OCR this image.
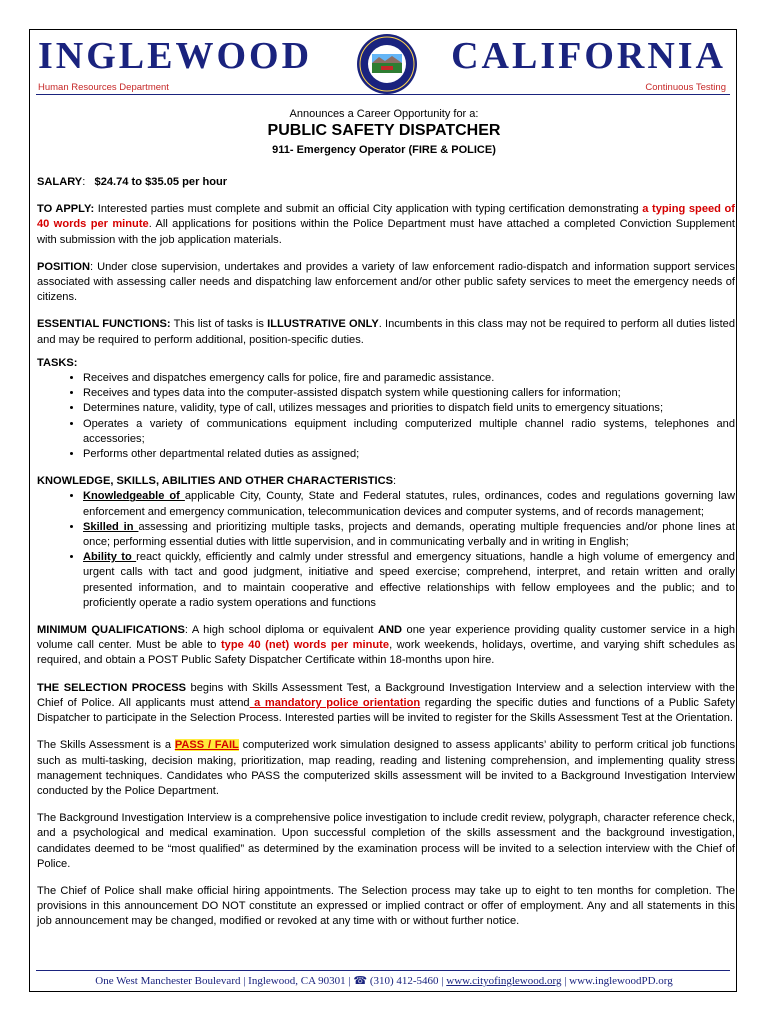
INGLEWOOD	CALIFORNIA
Human Resources Department	Continuous Testing
Announces a Career Opportunity for a:
PUBLIC SAFETY DISPATCHER
911- Emergency Operator (FIRE & POLICE)

SALARY: $24.74 to $35.05 per hour

TO APPLY: Interested parties must complete and submit an official City application with typing certification demonstrating a typing speed of 40 words per minute. All applications for positions within the Police Department must have attached a completed Conviction Supplement with submission with the job application materials.

POSITION: Under close supervision, undertakes and provides a variety of law enforcement radio-dispatch and information support services associated with assessing caller needs and dispatching law enforcement and/or other public safety services to meet the emergency needs of citizens.

ESSENTIAL FUNCTIONS: This list of tasks is ILLUSTRATIVE ONLY. Incumbents in this class may not be required to perform all duties listed and may be required to perform additional, position-specific duties.

TASKS:

• Receives and dispatches emergency calls for police, fire and paramedic assistance.
• Receives and types data into the computer-assisted dispatch system while questioning callers for information;
• Determines nature, validity, type of call, utilizes messages and priorities to dispatch field units to emergency situations;
• Operates a variety of communications equipment including computerized multiple channel radio systems, telephones and accessories;
• Performs other departmental related duties as assigned;

KNOWLEDGE, SKILLS, ABILITIES AND OTHER CHARACTERISTICS:

• Knowledgeable of applicable City, County, State and Federal statutes, rules, ordinances, codes and regulations governing law enforcement and emergency communication, telecommunication devices and computer systems, and of records management;
• Skilled in assessing and prioritizing multiple tasks, projects and demands, operating multiple frequencies and/or phone lines at once; performing essential duties with little supervision, and in communicating verbally and in writing in English;
• Ability to react quickly, efficiently and calmly under stressful and emergency situations, handle a high volume of emergency and urgent calls with tact and good judgment, initiative and speed exercise; comprehend, interpret, and retain written and orally presented information, and to maintain cooperative and effective relationships with fellow employees and the public; and to proficiently operate a radio system operations and functions

MINIMUM QUALIFICATIONS: A high school diploma or equivalent AND one year experience providing quality customer service in a high volume call center. Must be able to type 40 (net) words per minute, work weekends, holidays, overtime, and varying shift schedules as required, and obtain a POST Public Safety Dispatcher Certificate within 18-months upon hire.

THE SELECTION PROCESS begins with Skills Assessment Test, a Background Investigation Interview and a selection interview with the Chief of Police. All applicants must attend a mandatory police orientation regarding the specific duties and functions of a Public Safety Dispatcher to participate in the Selection Process. Interested parties will be invited to register for the Skills Assessment Test at the Orientation.

The Skills Assessment is a PASS / FAIL computerized work simulation designed to assess applicants’ ability to perform critical job functions such as multi-tasking, decision making, prioritization, map reading, reading and listening comprehension, and implementing quality stress management techniques. Candidates who PASS the computerized skills assessment will be invited to a Background Investigation Interview conducted by the Police Department.

The Background Investigation Interview is a comprehensive police investigation to include credit review, polygraph, character reference check, and a psychological and medical examination. Upon successful completion of the skills assessment and the background investigation, candidates deemed to be “most qualified” as determined by the examination process will be invited to a selection interview with the Chief of Police.

The Chief of Police shall make official hiring appointments. The Selection process may take up to eight to ten months for completion. The provisions in this announcement DO NOT constitute an expressed or implied contract or offer of employment. Any and all statements in this job announcement may be changed, modified or revoked at any time with or without further notice.

One West Manchester Boulevard | Inglewood, CA 90301 | ☎ (310) 412-5460 | www.cityofinglewood.org | www.inglewoodPD.org
